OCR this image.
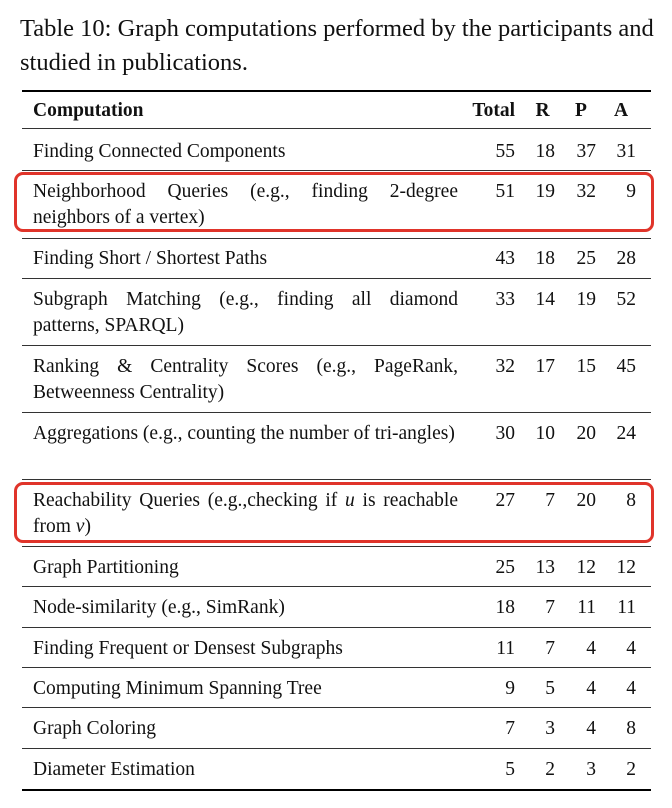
Table 10: Graph computations performed by the participants and studied in publications.

Computation	Total R	P	A
Finding Connected Components	55 18	37	31
Neighborhood Queries (e.g., finding 2-degree neighbors of a vertex)
51 19	32	9
Finding Short / Shortest Paths	43 18	25	28
Subgraph Matching (e.g., finding all diamond patterns, SPARQL)
33 14	19	52
Ranking & Centrality Scores (e.g., PageRank, Betweenness Centrality)
32 17	15	45
Aggregations (e.g., counting the number of tri-angles)	30 10	20	24
Reachability Queries (e.g.,checking if u is reachable from v)
27	7	20	8
Graph Partitioning	25 13	12	12
Node-similarity (e.g., SimRank)	18	7	11	11
Finding Frequent or Densest Subgraphs	11	7	4	4
Computing Minimum Spanning Tree	9	5	4	4
Graph Coloring	7	3	4	8
Diameter Estimation	5	2	3	2
